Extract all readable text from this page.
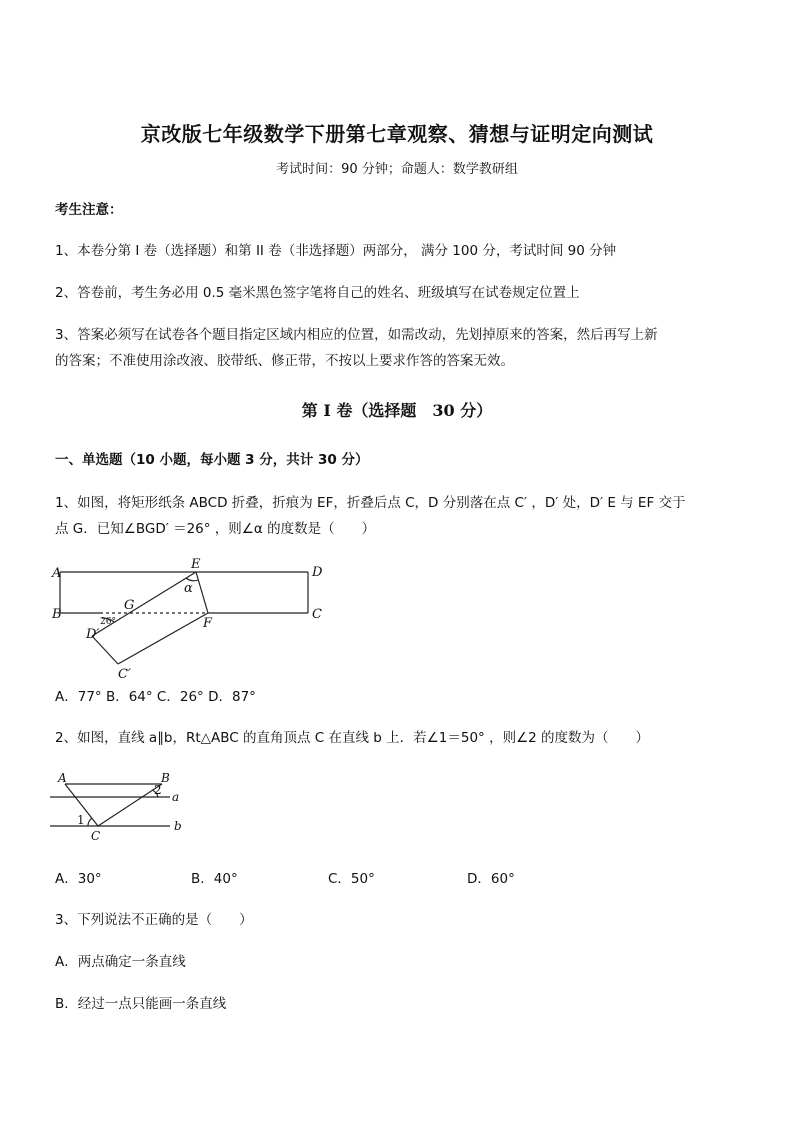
京改版七年级数学下册第七章观察、猜想与证明定向测试
考试时间：90 分钟；命题人：数学教研组
考生注意：
1、本卷分第 I 卷（选择题）和第 II 卷（非选择题）两部分， 满分 100 分，考试时间 90 分钟
2、答卷前，考生务必用 0.5 毫米黑色签字笔将自己的姓名、班级填写在试卷规定位置上
3、答案必须写在试卷各个题目指定区域内相应的位置，如需改动，先划掉原来的答案，然后再写上新
的答案；不准使用涂改液、胶带纸、修正带，不按以上要求作答的答案无效。
第 I 卷（选择题　30 分）
一、单选题（10 小题，每小题 3 分，共计 30 分）
1、如图，将矩形纸条 ABCD 折叠，折痕为 EF，折叠后点 C，D 分别落在点 C′ ，D′ 处，D′ E 与 EF 交于
点 G．已知∠BGD′ ＝26° ，则∠α 的度数是（　　）
A
B	C
D
E
F
G
D′
C′
α
26°
A．77° B．64° C．26° D．87°
2、如图，直线 a∥b，Rt△ABC 的直角顶点 C 在直线 b 上．若∠1＝50° ，则∠2 的度数为（　　）
A	B
C
a
b
1
2
A．30°	B．40°	C．50°	D．60°
3、下列说法不正确的是（　　）
A．两点确定一条直线
B．经过一点只能画一条直线
